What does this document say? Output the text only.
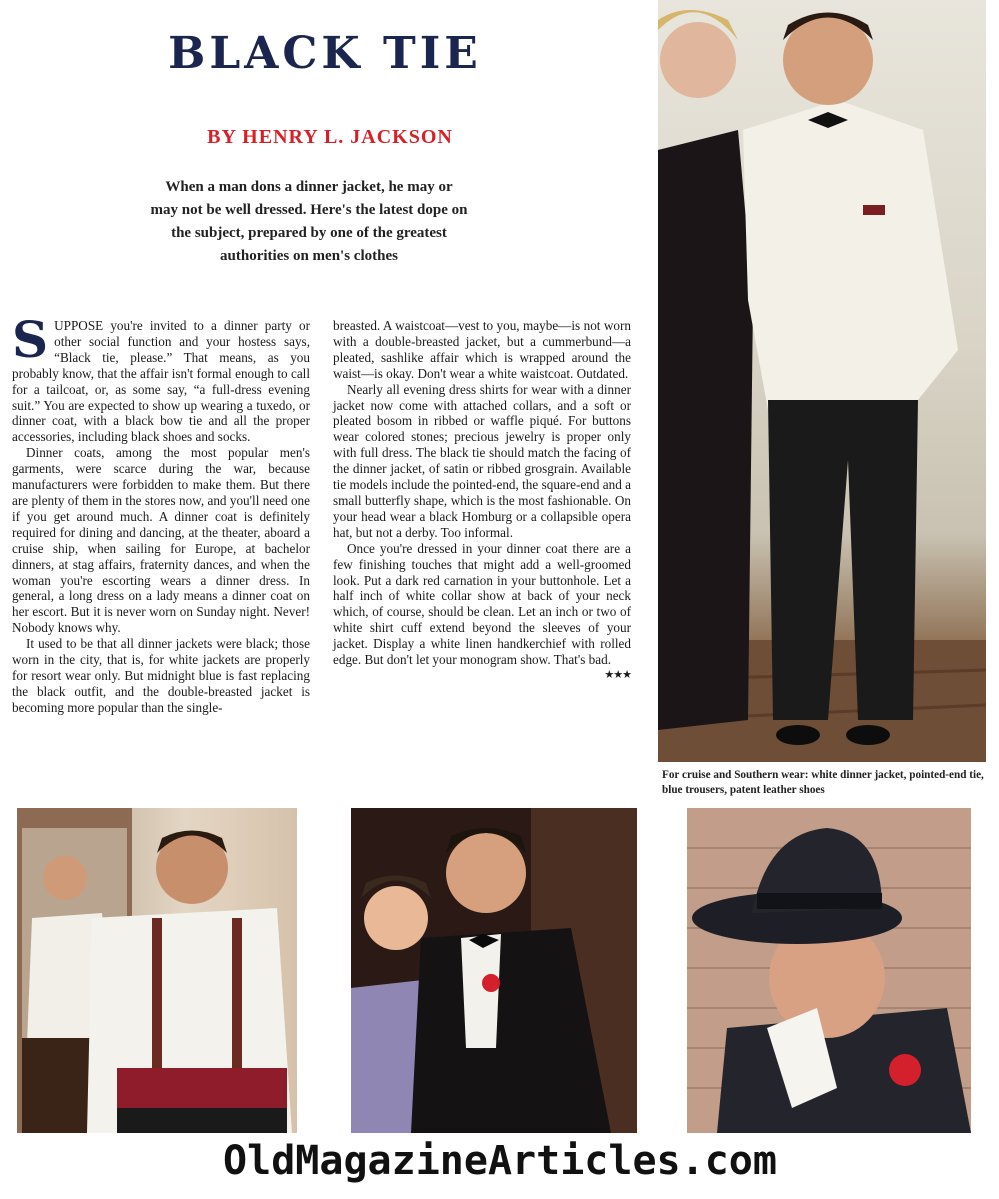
BLACK TIE
BY HENRY L. JACKSON

When a man dons a dinner jacket, he may or may not be well dressed. Here's the latest dope on the subject, prepared by one of the greatest authorities on men's clothes

SUPPOSE you're invited to a dinner party or other social function and your hostess says, “Black tie, please.” That means, as you probably know, that the affair isn't formal enough to call for a tailcoat, or, as some say, “a full-dress evening suit.” You are expected to show up wearing a tuxedo, or dinner coat, with a black bow tie and all the proper accessories, including black shoes and socks.

Dinner coats, among the most popular men's garments, were scarce during the war, because manufacturers were forbidden to make them. But there are plenty of them in the stores now, and you'll need one if you get around much. A dinner coat is definitely required for dining and dancing, at the theater, aboard a cruise ship, when sailing for Europe, at bachelor dinners, at stag affairs, fraternity dances, and when the woman you're escorting wears a dinner dress. In general, a long dress on a lady means a dinner coat on her escort. But it is never worn on Sunday night. Never! Nobody knows why.

It used to be that all dinner jackets were black; those worn in the city, that is, for white jackets are properly for resort wear only. But midnight blue is fast replacing the black outfit, and the double-breasted jacket is becoming more popular than the single-

breasted. A waistcoat—vest to you, maybe—is not worn with a double-breasted jacket, but a cummerbund—a pleated, sashlike affair which is wrapped around the waist—is okay. Don't wear a white waistcoat. Outdated.

Nearly all evening dress shirts for wear with a dinner jacket now come with attached collars, and a soft or pleated bosom in ribbed or waffle piqué. For buttons wear colored stones; precious jewelry is proper only with full dress. The black tie should match the facing of the dinner jacket, of satin or ribbed grosgrain. Available tie models include the pointed-end, the square-end and a small butterfly shape, which is the most fashionable. On your head wear a black Homburg or a collapsible opera hat, but not a derby. Too informal.

Once you're dressed in your dinner coat there are a few finishing touches that might add a well-groomed look. Put a dark red carnation in your buttonhole. Let a half inch of white collar show at back of your neck which, of course, should be clean. Let an inch or two of white shirt cuff extend beyond the sleeves of your jacket. Display a white linen handkerchief with rolled edge. But don't let your monogram show. That's bad.
★★★

For cruise and Southern wear: white dinner jacket, pointed-end tie, blue trousers, patent leather shoes

OldMagazineArticles.com
